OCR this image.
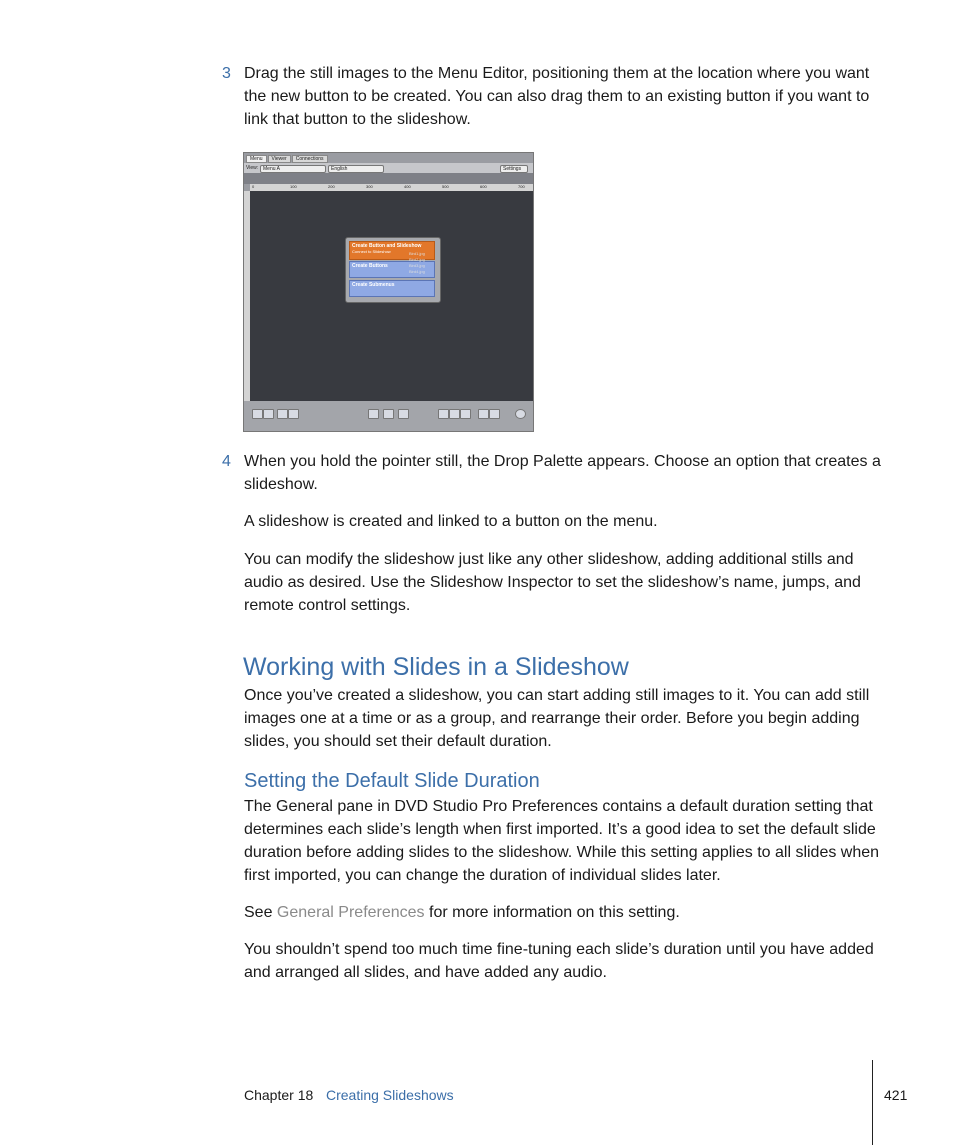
3 Drag the still images to the Menu Editor, positioning them at the location where you want the new button to be created. You can also drag them to an existing button if you want to link that button to the slideshow.
Menu	Viewer	Connections
View: Menu A	English	Settings
0	100	200	300	400	500	600	700
Create Button and Slideshow
Connect to Slideshow
Create Buttons
Create Submenus
Bird1.jpg
Bird2.jpg
Bird3.jpg
Bird4.jpg
4 When you hold the pointer still, the Drop Palette appears. Choose an option that creates a slideshow.
A slideshow is created and linked to a button on the menu.
You can modify the slideshow just like any other slideshow, adding additional stills and audio as desired. Use the Slideshow Inspector to set the slideshow’s name, jumps, and remote control settings.
Working with Slides in a Slideshow
Once you’ve created a slideshow, you can start adding still images to it. You can add still images one at a time or as a group, and rearrange their order. Before you begin adding slides, you should set their default duration.
Setting the Default Slide Duration
The General pane in DVD Studio Pro Preferences contains a default duration setting that determines each slide’s length when first imported. It’s a good idea to set the default slide duration before adding slides to the slideshow. While this setting applies to all slides when first imported, you can change the duration of individual slides later.
See General Preferences for more information on this setting.
You shouldn’t spend too much time fine-tuning each slide’s duration until you have added and arranged all slides, and have added any audio.
Chapter 18 Creating Slideshows	421
